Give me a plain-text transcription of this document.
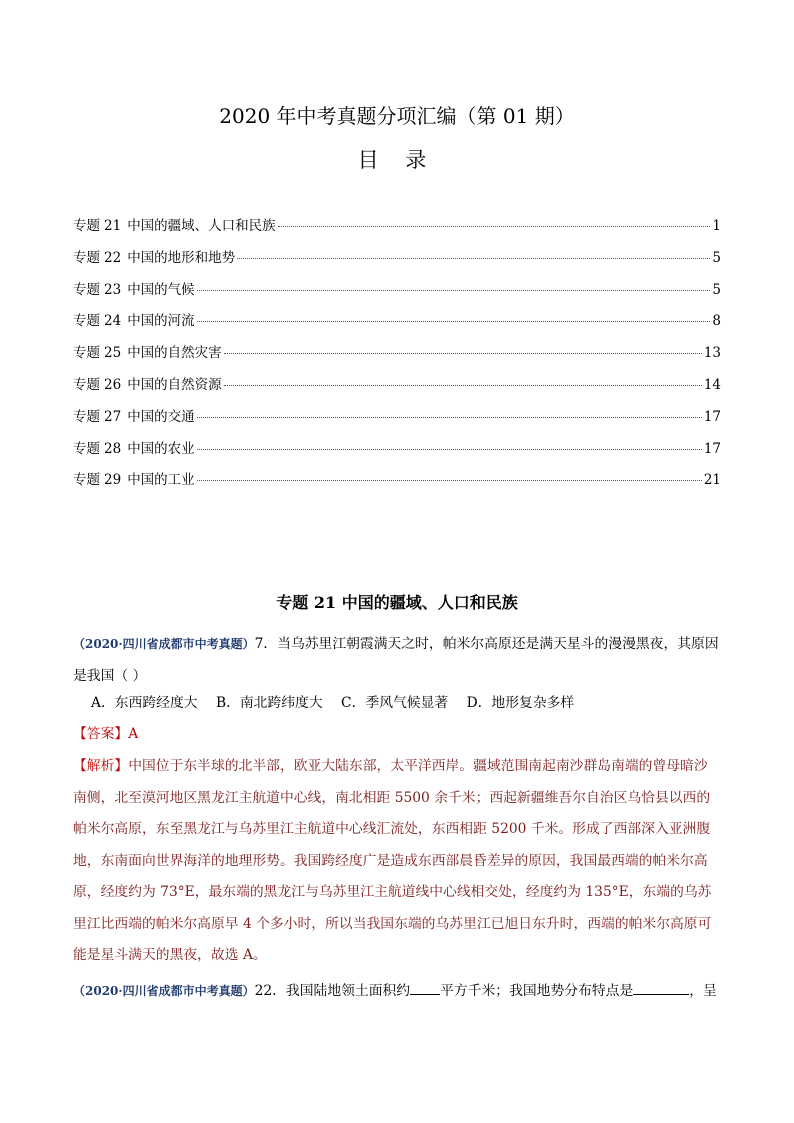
2020 年中考真题分项汇编（第 01 期）
目 录
专题 21 中国的疆域、人口和民族	1
专题 22 中国的地形和地势	5
专题 23 中国的气候	5
专题 24 中国的河流	8
专题 25 中国的自然灾害	13
专题 26 中国的自然资源	14
专题 27 中国的交通	17
专题 28 中国的农业	17
专题 29 中国的工业	21
专题 21 中国的疆域、人口和民族
（2020·四川省成都市中考真题）7．当乌苏里江朝霞满天之时，帕米尔高原还是满天星斗的漫漫黑夜，其原因是我国（ ）
A．东西跨经度大 B．南北跨纬度大 C．季风气候显著 D．地形复杂多样
【答案】A
【解析】中国位于东半球的北半部，欧亚大陆东部，太平洋西岸。疆域范围南起南沙群岛南端的曾母暗沙南侧，北至漠河地区黑龙江主航道中心线，南北相距 5500 余千米；西起新疆维吾尔自治区乌恰县以西的帕米尔高原，东至黑龙江与乌苏里江主航道中心线汇流处，东西相距 5200 千米。形成了西部深入亚洲腹地，东南面向世界海洋的地理形势。我国跨经度广是造成东西部晨昏差异的原因，我国最西端的帕米尔高原，经度约为 73°E，最东端的黑龙江与乌苏里江主航道线中心线相交处，经度约为 135°E，东端的乌苏里江比西端的帕米尔高原早 4 个多小时，所以当我国东端的乌苏里江已旭日东升时，西端的帕米尔高原可能是星斗满天的黑夜，故选 A。
（2020·四川省成都市中考真题）22．我国陆地领土面积约 平方千米；我国地势分布特点是	，呈
